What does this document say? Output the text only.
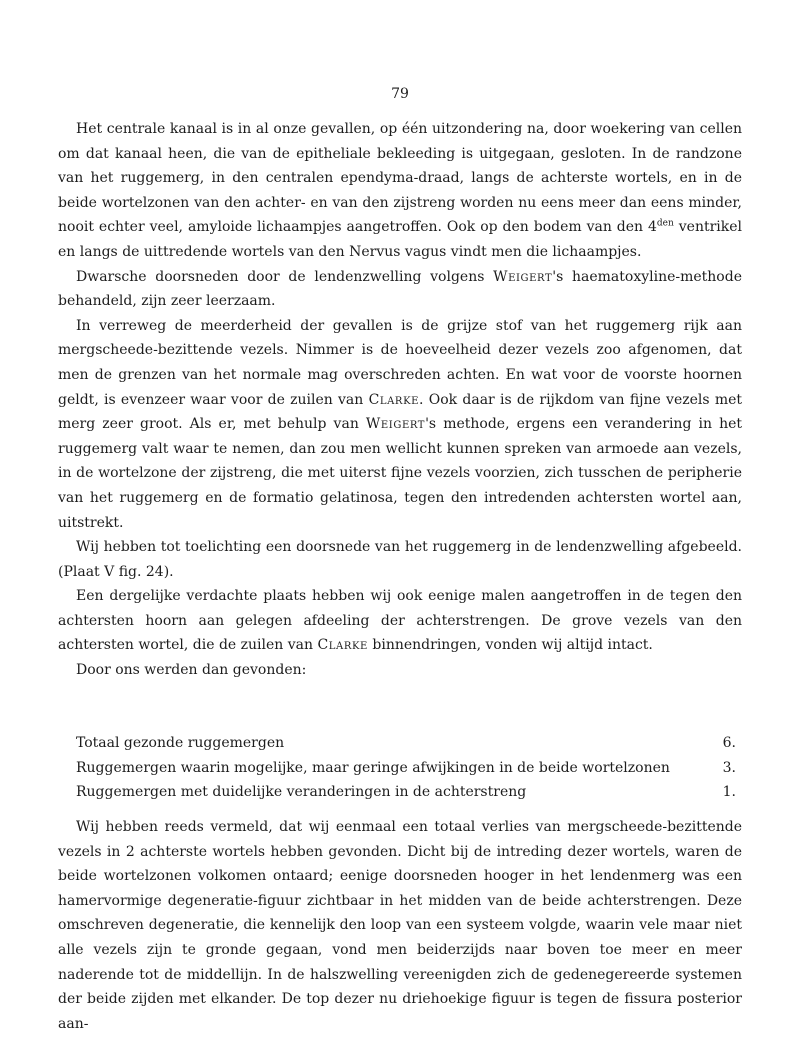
79

Het centrale kanaal is in al onze gevallen, op één uitzondering na, door woekering van cellen om dat kanaal heen, die van de epitheliale bekleeding is uitgegaan, gesloten. In de randzone van het ruggemerg, in den centralen ependyma-draad, langs de achterste wortels, en in de beide wortelzonen van den achter- en van den zijstreng worden nu eens meer dan eens minder, nooit echter veel, amyloide lichaampjes aangetroffen. Ook op den bodem van den $4^{den}$ ventrikel en langs de uittredende wortels van den Nervus vagus vindt men die lichaampjes.

Dwarsche doorsneden door de lendenzwelling volgens Weigert's haematoxyline-methode behandeld, zijn zeer leerzaam.

In verreweg de meerderheid der gevallen is de grijze stof van het ruggemerg rijk aan mergscheede-bezittende vezels. Nimmer is de hoeveelheid dezer vezels zoo afgenomen, dat men de grenzen van het normale mag overschreden achten. En wat voor de voorste hoornen geldt, is evenzeer waar voor de zuilen van Clarke. Ook daar is de rijkdom van fijne vezels met merg zeer groot. Als er, met behulp van Weigert's methode, ergens een verandering in het ruggemerg valt waar te nemen, dan zou men wellicht kunnen spreken van armoede aan vezels, in de wortelzone der zijstreng, die met uiterst fijne vezels voorzien, zich tusschen de peripherie van het ruggemerg en de formatio gelatinosa, tegen den intredenden achtersten wortel aan, uitstrekt.

Wij hebben tot toelichting een doorsnede van het ruggemerg in de lendenzwelling afgebeeld. (Plaat V fig. 24).

Een dergelijke verdachte plaats hebben wij ook eenige malen aangetroffen in de tegen den achtersten hoorn aan gelegen afdeeling der achterstrengen. De grove vezels van den achtersten wortel, die de zuilen van Clarke binnendringen, vonden wij altijd intact.

Door ons werden dan gevonden:

Totaal gezonde ruggemergen	6.
Ruggemergen waarin mogelijke, maar geringe afwijkingen in de beide wortelzonen	3.
Ruggemergen met duidelijke veranderingen in de achterstreng	1.

Wij hebben reeds vermeld, dat wij eenmaal een totaal verlies van mergscheede-bezittende vezels in 2 achterste wortels hebben gevonden. Dicht bij de intreding dezer wortels, waren de beide wortelzonen volkomen ontaard; eenige doorsneden hooger in het lendenmerg was een hamervormige degeneratie-figuur zichtbaar in het midden van de beide achterstrengen. Deze omschreven degeneratie, die kennelijk den loop van een systeem volgde, waarin vele maar niet alle vezels zijn te gronde gegaan, vond men beiderzijds naar boven toe meer en meer naderende tot de middellijn. In de halszwelling vereenigden zich de gedenegereerde systemen der beide zijden met elkander. De top dezer nu driehoekige figuur is tegen de fissura posterior aan-
